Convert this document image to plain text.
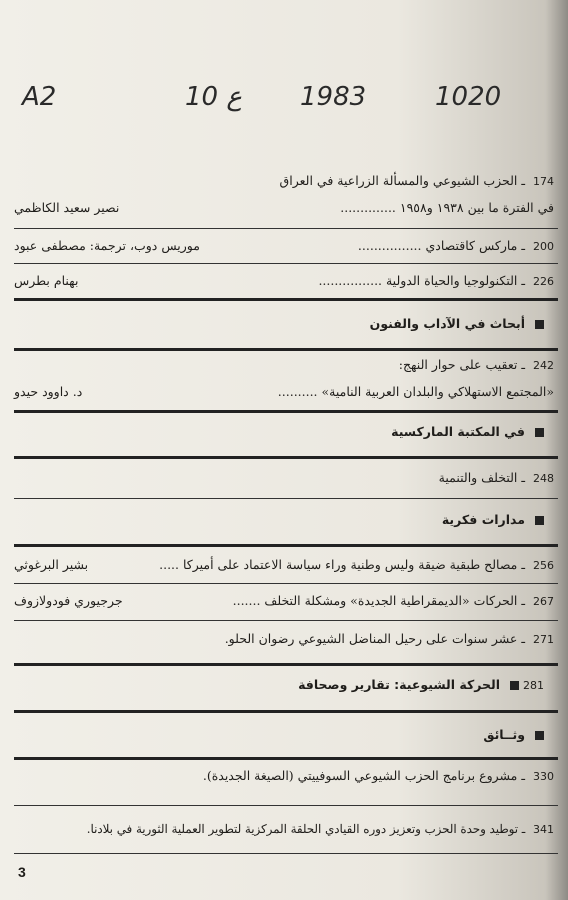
A2	10 ع 1983	1020
174 ـ الحزب الشيوعي والمسألة الزراعية في العراق
في الفترة ما بين ١٩٣٨ و١٩٥٨ ..............
نصير سعيد الكاظمي
200 ـ ماركس كاقتصادي ................
موريس دوب، ترجمة: مصطفى عبود
226 ـ التكنولوجيا والحياة الدولية ................
بهنام بطرس
أبحاث في الآداب والفنون
242 ـ تعقيب على حوار النهج:
«المجتمع الاستهلاكي والبلدان العربية النامية» ..........
د. داوود حيدو
في المكتبة الماركسية
248 ـ التخلف والتنمية
مدارات فكرية
256 ـ مصالح طبقية ضيقة وليس وطنية وراء سياسة الاعتماد على أميركا .....
بشير البرغوثي
267 ـ الحركات «الديمقراطية الجديدة» ومشكلة التخلف .......
جرجيوري فودولازوف
271 ـ عشر سنوات على رحيل المناضل الشيوعي رضوان الحلو.
281الحركة الشيوعية: تقارير وصحافة
وثــائق
330 ـ مشروع برنامج الحزب الشيوعي السوفييتي (الصيغة الجديدة).
341 ـ توطيد وحدة الحزب وتعزيز دوره القيادي الحلقة المركزية لتطوير العملية الثورية في بلادنا.
3
